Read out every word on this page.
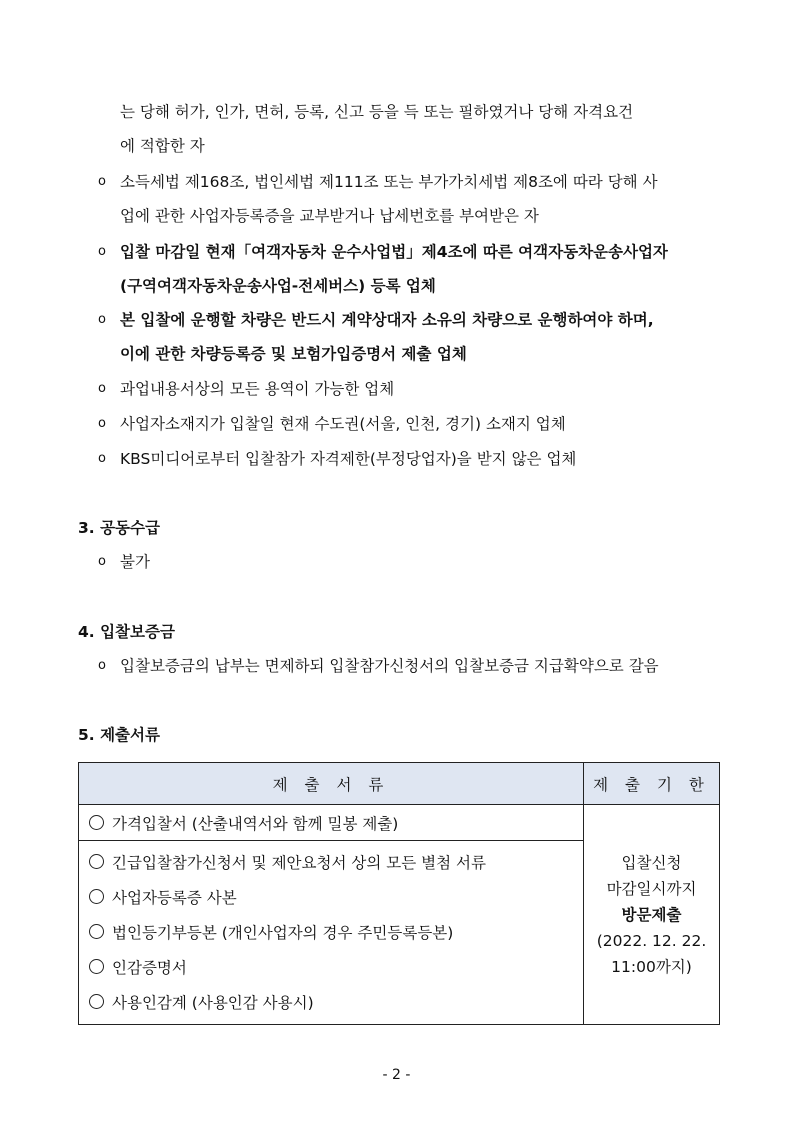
는 당해 허가, 인가, 면허, 등록, 신고 등을 득 또는 필하였거나 당해 자격요건
에 적합한 자
o 소득세법 제168조, 법인세법 제111조 또는 부가가치세법 제8조에 따라 당해 사
업에 관한 사업자등록증을 교부받거나 납세번호를 부여받은 자
o 입찰 마감일 현재「여객자동차 운수사업법」제4조에 따른 여객자동차운송사업자
(구역여객자동차운송사업-전세버스) 등록 업체
o 본 입찰에 운행할 차량은 반드시 계약상대자 소유의 차량으로 운행하여야 하며,
이에 관한 차량등록증 및 보험가입증명서 제출 업체
o 과업내용서상의 모든 용역이 가능한 업체
o 사업자소재지가 입찰일 현재 수도권(서울, 인천, 경기) 소재지 업체
o KBS미디어로부터 입찰참가 자격제한(부정당업자)을 받지 않은 업체
3. 공동수급
o 불가
4. 입찰보증금
o 입찰보증금의 납부는 면제하되 입찰참가신청서의 입찰보증금 지급확약으로 갈음
5. 제출서류
제 출 서 류	제 출 기 한
가격입찰서 (산출내역서와 함께 밀봉 제출)	입찰신청
마감일시까지
방문제출
(2022. 12. 22.
11:00까지)

긴급입찰참가신청서 및 제안요청서 상의 모든 별첨 서류
사업자등록증 사본
법인등기부등본 (개인사업자의 경우 주민등록등본)
인감증명서
사용인감계 (사용인감 사용시)	
- 2 -
